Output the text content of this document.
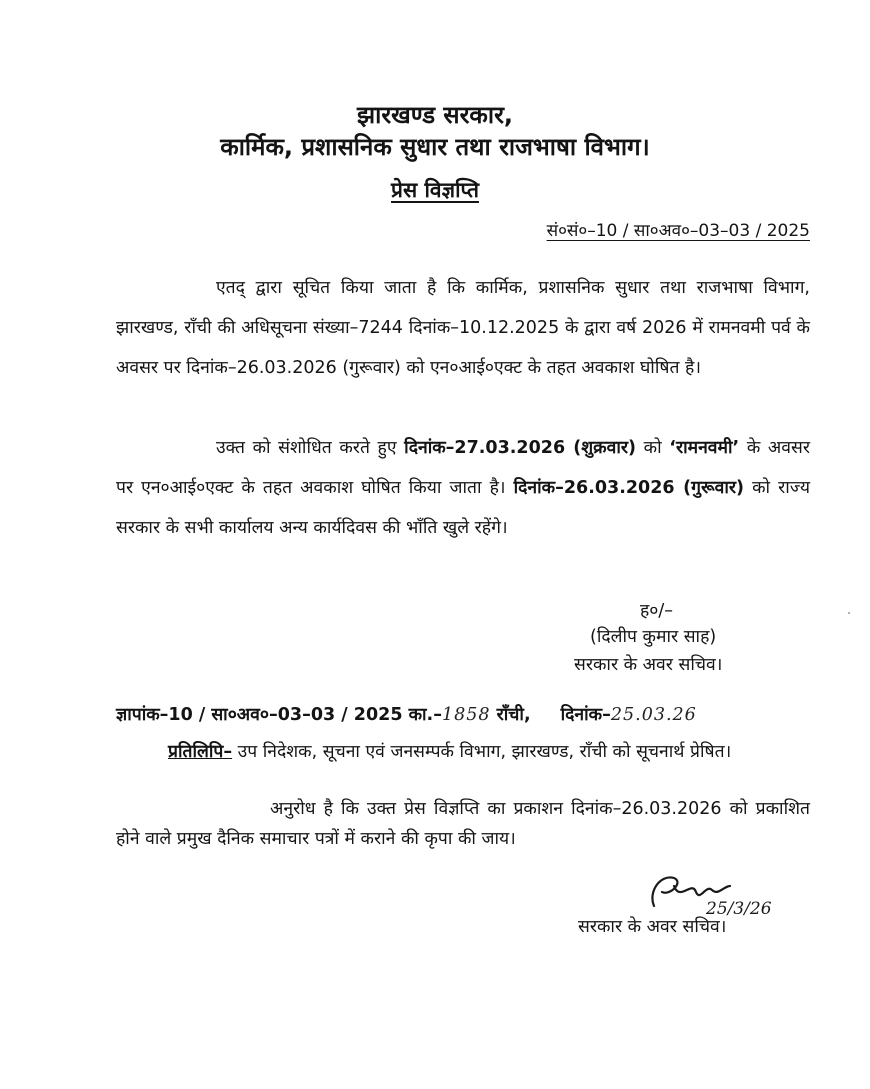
झारखण्ड सरकार,
कार्मिक, प्रशासनिक सुधार तथा राजभाषा विभाग।
प्रेस विज्ञप्ति
सं०सं०–10 / सा०अव०–03–03 / 2025

एतद् द्वारा सूचित किया जाता है कि कार्मिक, प्रशासनिक सुधार तथा राजभाषा विभाग, झारखण्ड, राँची की अधिसूचना संख्या–7244 दिनांक–10.12.2025 के द्वारा वर्ष 2026 में रामनवमी पर्व के अवसर पर दिनांक–26.03.2026 (गुरूवार) को एन०आई०एक्ट के तहत अवकाश घोषित है।

उक्त को संशोधित करते हुए दिनांक–27.03.2026 (शुक्रवार) को ‘रामनवमी’ के अवसर पर एन०आई०एक्ट के तहत अवकाश घोषित किया जाता है। दिनांक–26.03.2026 (गुरूवार) को राज्य सरकार के सभी कार्यालय अन्य कार्यदिवस की भाँति खुले रहेंगे।

ह०/–
(दिलीप कुमार साह)
सरकार के अवर सचिव।
ज्ञापांक–10 / सा०अव०–03–03 / 2025 का.–1858 राँची, दिनांक–25.03.26

प्रतिलिपि– उप निदेशक, सूचना एवं जनसम्पर्क विभाग, झारखण्ड, राँची को सूचनार्थ प्रेषित।

अनुरोध है कि उक्त प्रेस विज्ञप्ति का प्रकाशन दिनांक–26.03.2026 को प्रकाशित होने वाले प्रमुख दैनिक समाचार पत्रों में कराने की कृपा की जाय।

25/3/26
सरकार के अवर सचिव।
